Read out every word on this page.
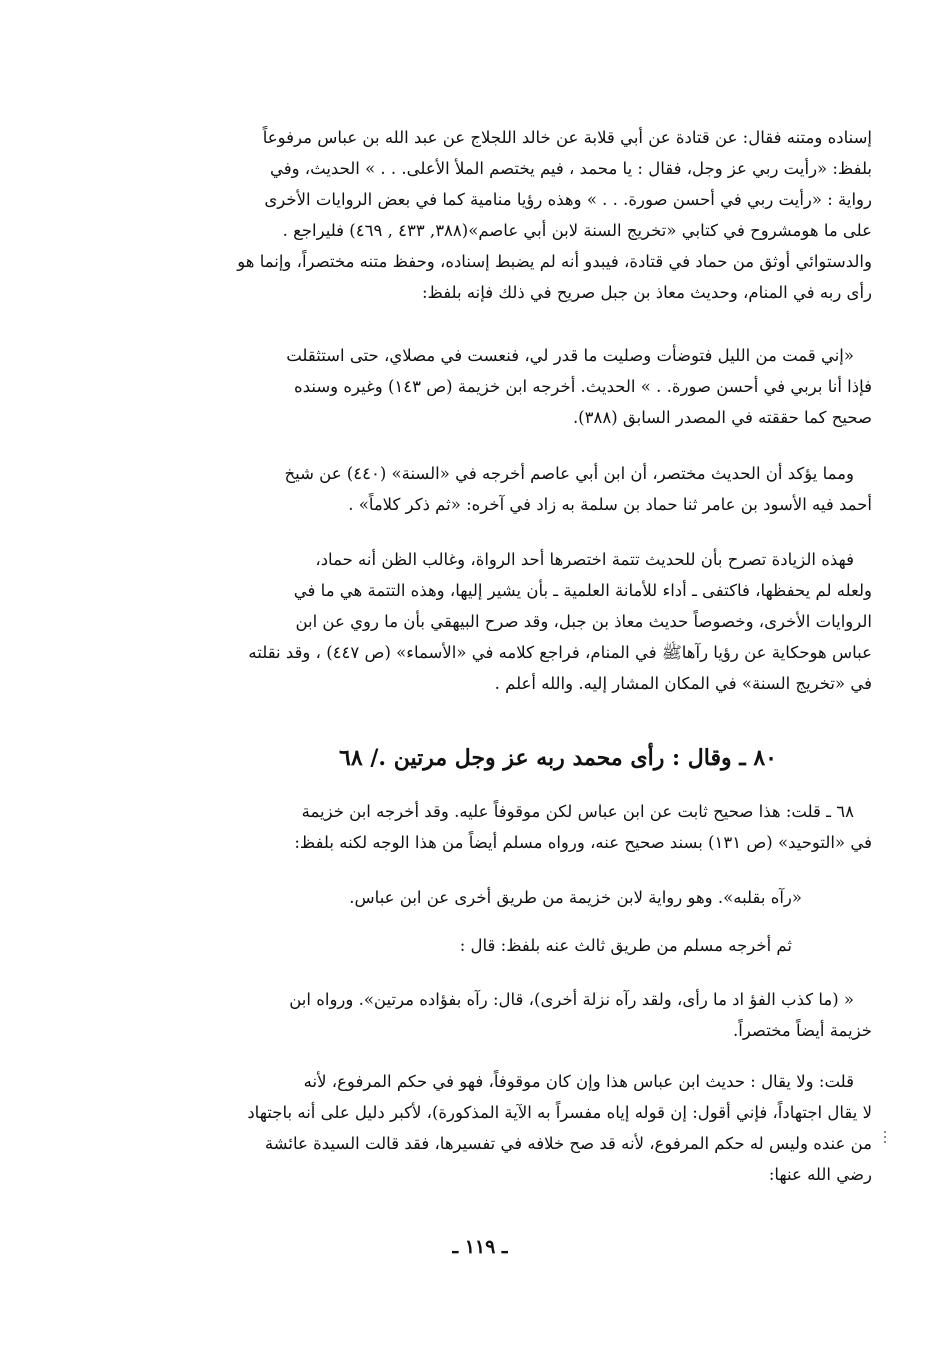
إسناده ومتنه فقال: عن قتادة عن أبي قلابة عن خالد اللجلاج عن عبد الله بن عباس مرفوعاً
بلفظ: «رأيت ربي عز وجل، فقال : يا محمد ، فيم يختصم الملأ الأعلى. . . » الحديث، وفي
رواية : «رأيت ربي في أحسن صورة. . . » وهذه رؤيا منامية كما في بعض الروايات الأخرى
على ما هومشروح في كتابي «تخريج السنة لابن أبي عاصم»(٣٨٨, ٤٣٣ , ٤٦٩) فليراجع .
والدستوائي أوثق من حماد في قتادة، فيبدو أنه لم يضبط إسناده، وحفظ متنه مختصراً، وإنما هو
رأى ربه في المنام، وحديث معاذ بن جبل صريح في ذلك فإنه بلفظ:
«إني قمت من الليل فتوضأت وصليت ما قدر لي، فنعست في مصلاي، حتى استثقلت
فإذا أنا بربي في أحسن صورة. . » الحديث. أخرجه ابن خزيمة (ص ١٤٣) وغيره وسنده
صحيح كما حققته في المصدر السابق (٣٨٨).
ومما يؤكد أن الحديث مختصر، أن ابن أبي عاصم أخرجه في «السنة» (٤٤٠) عن شيخ
أحمد فيه الأسود بن عامر ثنا حماد بن سلمة به زاد في آخره: «ثم ذكر كلاماً» .
فهذه الزيادة تصرح بأن للحديث تتمة اختصرها أحد الرواة، وغالب الظن أنه حماد،
ولعله لم يحفظها، فاكتفى ـ أداء للأمانة العلمية ـ بأن يشير إليها، وهذه التتمة هي ما في
الروايات الأخرى، وخصوصاً حديث معاذ بن جبل، وقد صرح البيهقي بأن ما روي عن ابن
عباس هوحكاية عن رؤيا رآهاﷺ في المنام، فراجع كلامه في «الأسماء» (ص ٤٤٧) ، وقد نقلته
في «تخريج السنة» في المكان المشار إليه. والله أعلم .
٨٠ ـ وقال : رأى محمد ربه عز وجل مرتين ./ ٦٨
٦٨ ـ قلت: هذا صحيح ثابت عن ابن عباس لكن موقوفاً عليه. وقد أخرجه ابن خزيمة
في «التوحيد» (ص ١٣١) بسند صحيح عنه، ورواه مسلم أيضاً من هذا الوجه لكنه بلفظ:
«رآه بقلبه». وهو رواية لابن خزيمة من طريق أخرى عن ابن عباس.
ثم أخرجه مسلم من طريق ثالث عنه بلفظ: قال :
« (ما كذب الفؤ اد ما رأى، ولقد رآه نزلة أخرى)، قال: رآه بفؤاده مرتين». ورواه ابن
خزيمة أيضاً مختصراً.
قلت: ولا يقال : حديث ابن عباس هذا وإن كان موقوفاً، فهو في حكم المرفوع، لأنه
لا يقال اجتهاداً، فإني أقول: إن قوله إياه مفسراً به الآية المذكورة)، لأكبر دليل على أنه باجتهاد
من عنده وليس له حكم المرفوع، لأنه قد صح خلافه في تفسيرها، فقد قالت السيدة عائشة
رضي الله عنها:
ـ ١١٩ ـ
